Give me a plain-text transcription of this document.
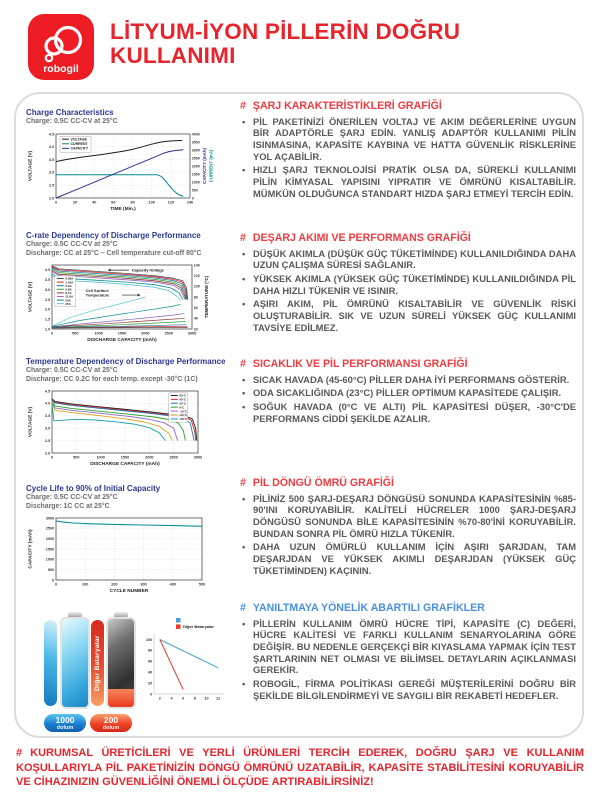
robogil
LİTYUM-İYON PİLLERİN DOĞRU
KULLANIMI
Charge Characteristics
Charge: 0.5C CC-CV at 25°C
0	20	40	60	80	100	120	140
2.0
2.5
3.0
3.5
4.0
4.5
0
500
1000
1500
2000
2500
3000
3500
4000
TIME (Min.)
VOLTAGE (V)	CAPACITY (mAh) CURRENT (mA)
VOLTAGE
CURRENT
CAPACITY
C-rate Dependency of Discharge Performance
Charge: 0.5C CC-CV at 25°C
Discharge: CC at 25°C – Cell temperature cut-off 80°C
0	500	1000	1500	2000	2500	3000
1.0
1.5
2.0
2.5
3.0
3.5
4.0
20
40
60
80
100
120
140
DISCHARGE CAPACITY (mAh)
VOLTAGE (V)	TEMPERATURE (°C)
0.58A
1.45A
2.9A
5.8A
8.7A
11.6A
20A
25A
Capacity-Voltage
Cell Surface
Temperature
Temperature Dependency of Discharge Performance
Charge: 0.5C CC-CV at 25°C
Discharge: CC 0.2C for each temp. except -30°C (1C)
0	500	1000	1500	2000	2500	3000
2.0
2.5
3.0
3.5
4.0
4.5
DISCHARGE CAPACITY (mAh)
VOLTAGE (V)
60°C
45°C
25°C
0°C
-10°C
-20°C
-30°C
Cycle Life to 90% of Initial Capacity
Charge: 0.5C CC-CV at 25°C
Discharge: 1C CC at 25°C
0	100	200	300	400	500
0
500
1000
1500
2000
2500
3000
CYCLE NUMBER
CAPACITY (mAh)
Diğer Bataryalar
1000
dolum
200
dolum
2	4	6	8 10 12
0
20
40
60
80
100
Diğer Bataryalar
# ŞARJ KARAKTERİSTİKLERİ GRAFİĞİ
• PİL PAKETİNİZİ ÖNERİLEN VOLTAJ VE AKIM DEĞERLERİNE UYGUN BİR ADAPTÖRLE ŞARJ EDİN. YANLIŞ ADAPTÖR KULLANIMI PİLİN ISINMASINA, KAPASİTE KAYBINA VE HATTA GÜVENLİK RİSKLERİNE YOL AÇABİLİR.
• HIZLI ŞARJ TEKNOLOJİSİ PRATİK OLSA DA, SÜREKLİ KULLANIMI PİLİN KİMYASAL YAPISINI YIPRATIR VE ÖMRÜNÜ KISALTABİLİR. MÜMKÜN OLDUĞUNCA STANDART HIZDA ŞARJ ETMEYİ TERCİH EDİN.
# DEŞARJ AKIMI VE PERFORMANS GRAFİĞİ
• DÜŞÜK AKIMLA (DÜŞÜK GÜÇ TÜKETİMİNDE) KULLANILDIĞINDA DAHA UZUN ÇALIŞMA SÜRESİ SAĞLANIR.
• YÜKSEK AKIMLA (YÜKSEK GÜÇ TÜKETİMİNDE) KULLANILDIĞINDA PİL DAHA HIZLI TÜKENİR VE ISINIR.
• AŞIRI AKIM, PİL ÖMRÜNÜ KISALTABİLİR VE GÜVENLİK RİSKİ OLUŞTURABİLİR. SIK VE UZUN SÜRELİ YÜKSEK GÜÇ KULLANIMI TAVSİYE EDİLMEZ.
# SICAKLIK VE PİL PERFORMANSI GRAFİĞİ
• SICAK HAVADA (45-60°C) PİLLER DAHA İYİ PERFORMANS GÖSTERİR.
• ODA SICAKLIĞINDA (23°C) PİLLER OPTİMUM KAPASİTEDE ÇALIŞIR.
• SOĞUK HAVADA (0°C VE ALTI) PİL KAPASİTESİ DÜŞER, -30°C'DE PERFORMANS CİDDİ ŞEKİLDE AZALIR.
# PİL DÖNGÜ ÖMRÜ GRAFİĞİ
• PİLİNİZ 500 ŞARJ-DEŞARJ DÖNGÜSÜ SONUNDA KAPASİTESİNİN %85-90'INI KORUYABİLİR. KALİTELİ HÜCRELER 1000 ŞARJ-DEŞARJ DÖNGÜSÜ SONUNDA BİLE KAPASİTESİNİN %70-80'İNİ KORUYABİLİR. BUNDAN SONRA PİL ÖMRÜ HIZLA TÜKENİR.
• DAHA UZUN ÖMÜRLÜ KULLANIM İÇİN AŞIRI ŞARJDAN, TAM DEŞARJDAN VE YÜKSEK AKIMLI DEŞARJDAN (YÜKSEK GÜÇ TÜKETİMİNDEN) KAÇININ.
# YANILTMAYA YÖNELİK ABARTILI GRAFİKLER
• PİLLERİN KULLANIM ÖMRÜ HÜCRE TİPİ, KAPASİTE (C) DEĞERİ, HÜCRE KALİTESİ VE FARKLI KULLANIM SENARYOLARINA GÖRE DEĞİŞİR. BU NEDENLE GERÇEKÇİ BİR KIYASLAMA YAPMAK İÇİN TEST ŞARTLARININ NET OLMASI VE BİLİMSEL DETAYLARIN AÇIKLANMASI GEREKİR.
• ROBOGİL, FİRMA POLİTİKASI GEREĞİ MÜŞTERİLERİNİ DOĞRU BİR ŞEKİLDE BİLGİLENDİRMEYİ VE SAYGILI BİR REKABETİ HEDEFLER.
# KURUMSAL ÜRETİCİLERİ VE YERLİ ÜRÜNLERİ TERCİH EDEREK, DOĞRU ŞARJ VE KULLANIM KOŞULLARIYLA PİL PAKETİNİZİN DÖNGÜ ÖMRÜNÜ UZATABİLİR, KAPASİTE STABİLİTESİNİ KORUYABİLİR VE CİHAZINIZIN GÜVENLİĞİNİ ÖNEMLİ ÖLÇÜDE ARTIRABİLİRSİNİZ!
